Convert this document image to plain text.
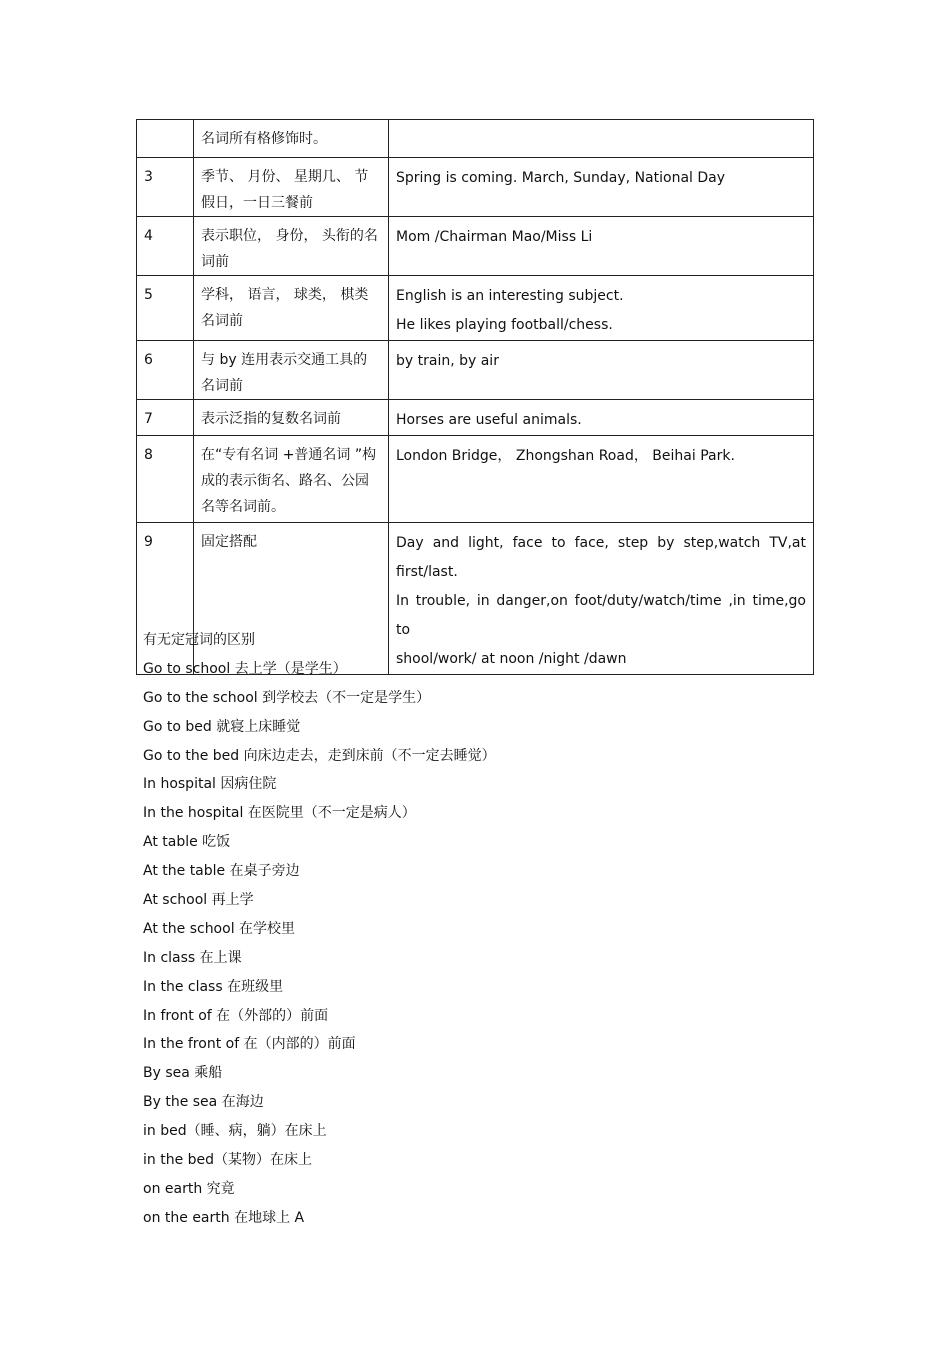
	名词所有格修饰时。	

3	季节、 月份、 星期几、 节假日，一日三餐前	Spring is coming. March, Sunday, National Day

4	表示职位， 身份， 头衔的名词前	Mom /Chairman Mao/Miss Li

5	学科， 语言， 球类， 棋类名词前	English is an interesting subject.
He likes playing football/chess.

6	与 by 连用表示交通工具的名词前	by train, by air

7	表示泛指的复数名词前	Horses are useful animals.

8	在“专有名词 +普通名词 ”构成的表示街名、路名、公园名等名词前。	London Bridge， Zhongshan Road， Beihai Park.

9	固定搭配	Day and light, face to face, step by step,watch TV,at
first/last.
In trouble, in danger,on foot/duty/watch/time ,in time,go to
shool/work/ at noon /night /dawn
有无定冠词的区别
Go to school 去上学（是学生）
Go to the school 到学校去（不一定是学生）
Go to bed 就寝上床睡觉
Go to the bed 向床边走去，走到床前（不一定去睡觉）
In hospital 因病住院
In the hospital 在医院里（不一定是病人）
At table 吃饭
At the table 在桌子旁边
At school 再上学
At the school 在学校里
In class 在上课
In the class 在班级里
In front of 在（外部的）前面
In the front of 在（内部的）前面
By sea 乘船
By the sea 在海边
in bed（睡、病，躺）在床上
in the bed（某物）在床上
on earth 究竟
on the earth 在地球上 A
